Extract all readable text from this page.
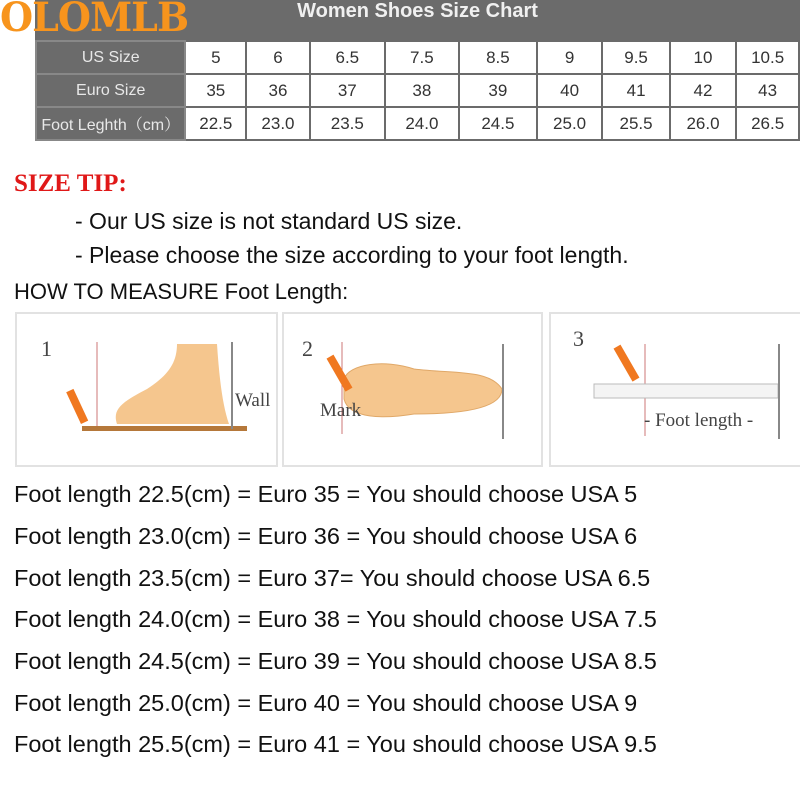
OLOMLB	Women Shoes Size Chart
US Size	5	6	6.5	7.5	8.5	9	9.5	10	10.5
Euro Size	35	36	37	38	39	40	41	42	43
Foot Leghth（cm）	22.5	23.0	23.5	24.0	24.5	25.0	25.5	26.0	26.5
SIZE TIP:
- Our US size is not standard US size.
- Please choose the size according to your foot length.
HOW TO MEASURE Foot Length:
1
Wall
2
Mark
3
- Foot length -
Foot length 22.5(cm) = Euro 35 = You should choose USA 5
Foot length 23.0(cm) = Euro 36 = You should choose USA 6
Foot length 23.5(cm) = Euro 37= You should choose USA 6.5
Foot length 24.0(cm) = Euro 38 = You should choose USA 7.5
Foot length 24.5(cm) = Euro 39 = You should choose USA 8.5
Foot length 25.0(cm) = Euro 40 = You should choose USA 9
Foot length 25.5(cm) = Euro 41 = You should choose USA 9.5
